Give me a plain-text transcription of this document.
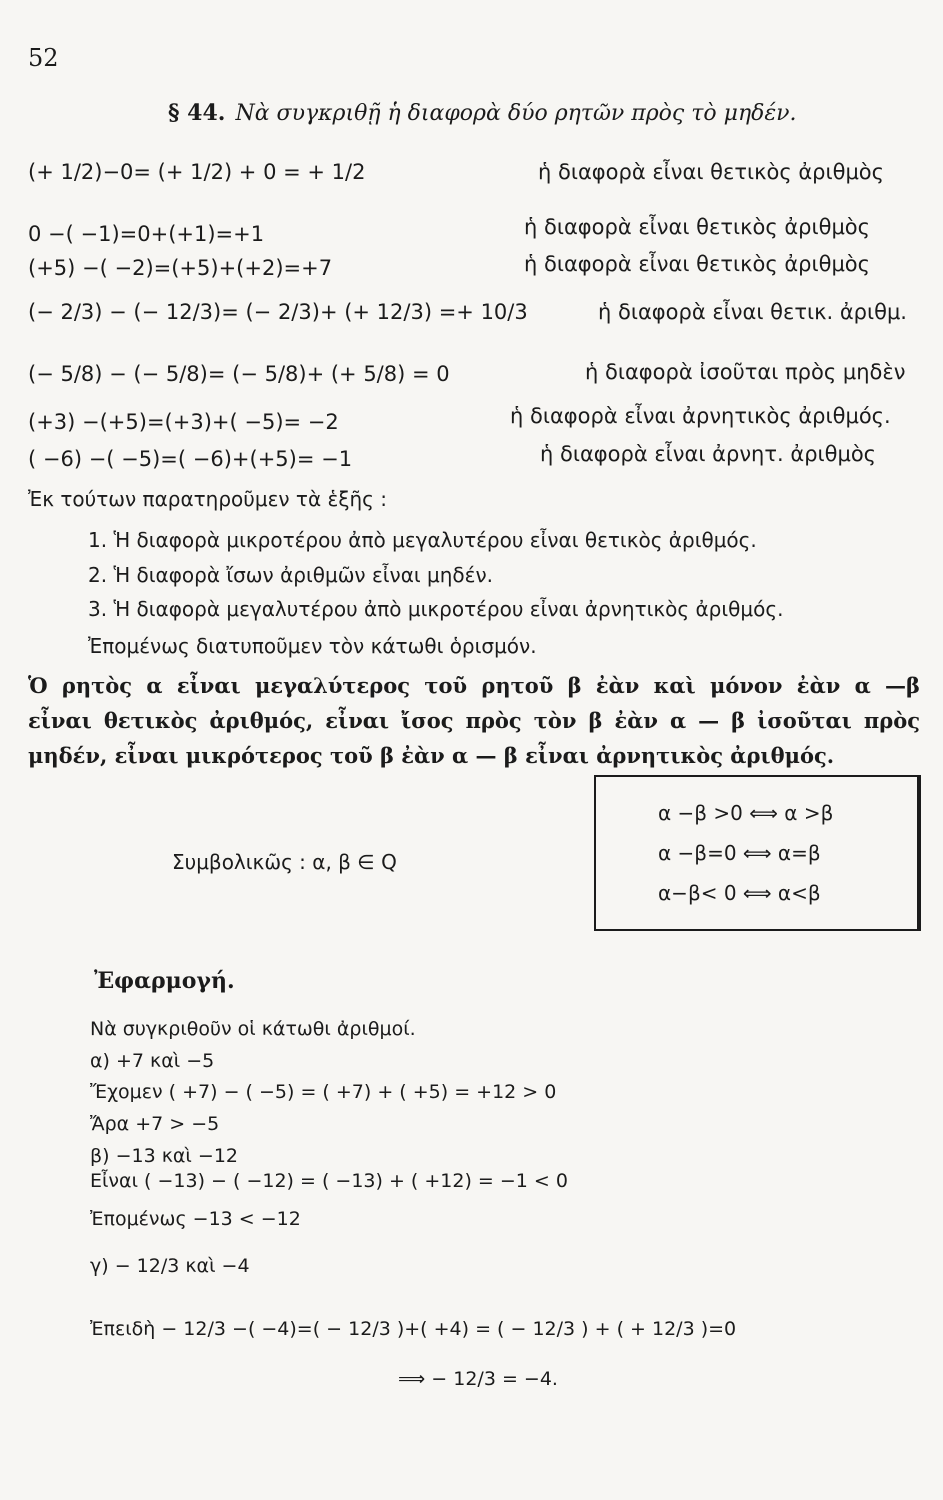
52
§ 44. Νὰ συγκριθῇ ἡ διαφορὰ δύο ρητῶν πρὸς τὸ μηδέν.
(+ 1/2)−0= (+ 1/2) + 0 = + 1/2	ἡ διαφορὰ εἶναι θετικὸς ἀριθμὸς
0 −( −1)=0+(+1)=+1	ἡ διαφορὰ εἶναι θετικὸς ἀριθμὸς
(+5) −( −2)=(+5)+(+2)=+7	ἡ διαφορὰ εἶναι θετικὸς ἀριθμὸς
(− 2/3) − (− 12/3)= (− 2/3)+ (+ 12/3) =+ 10/3	ἡ διαφορὰ εἶναι θετικ. ἀριθμ.
(− 5/8) − (− 5/8)= (− 5/8)+ (+ 5/8) = 0	ἡ διαφορὰ ἰσοῦται πρὸς μηδὲν
(+3) −(+5)=(+3)+( −5)= −2	ἡ διαφορὰ εἶναι ἀρνητικὸς ἀριθμός.
( −6) −( −5)=( −6)+(+5)= −1	ἡ διαφορὰ εἶναι ἀρνητ. ἀριθμὸς
Ἐκ τούτων παρατηροῦμεν τὰ ἑξῆς :
1. Ἡ διαφορὰ μικροτέρου ἀπὸ μεγαλυτέρου εἶναι θετικὸς ἀριθμός.
2. Ἡ διαφορὰ ἴσων ἀριθμῶν εἶναι μηδέν.
3. Ἡ διαφορὰ μεγαλυτέρου ἀπὸ μικροτέρου εἶναι ἀρνητικὸς ἀριθμός.
Ἐπομένως διατυποῦμεν τὸν κάτωθι ὁρισμόν.
Ὁ ρητὸς α εἶναι μεγαλύτερος τοῦ ρητοῦ β ἐὰν καὶ μόνον ἐὰν α —β
εἶναι θετικὸς ἀριθμός, εἶναι ἴσος πρὸς τὸν β ἐὰν α — β ἰσοῦται πρὸς
μηδέν, εἶναι μικρότερος τοῦ β ἐὰν α — β εἶναι ἀρνητικὸς ἀριθμός.
Συμβολικῶς : α, β ∈ Q
α −β >0 ⟺ α >β
α −β=0 ⟺ α=β
α−β< 0 ⟺ α<β
Ἐφαρμογή.
Νὰ συγκριθοῦν οἱ κάτωθι ἀριθμοί.
α) +7 καὶ −5
Ἔχομεν ( +7) − ( −5) = ( +7) + ( +5) = +12 > 0
Ἄρα +7 > −5
β) −13 καὶ −12
Εἶναι ( −13) − ( −12) = ( −13) + ( +12) = −1 < 0
Ἐπομένως −13 < −12
γ) − 12/3 καὶ −4
Ἐπειδὴ − 12/3 −( −4)=( − 12/3 )+( +4) = ( − 12/3 ) + ( + 12/3 )=0
⟹ − 12/3 = −4.
